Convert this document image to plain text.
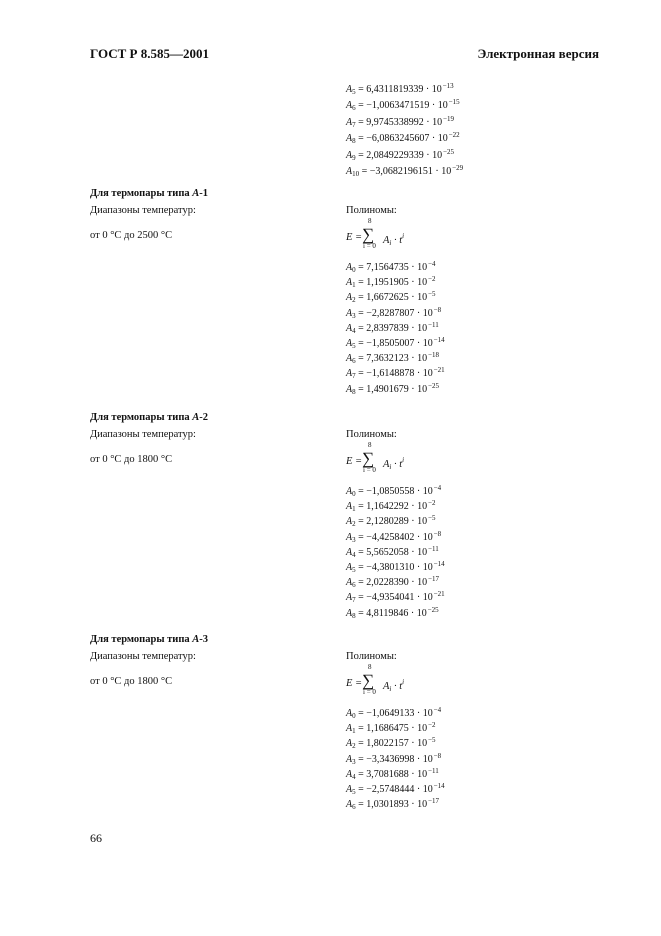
ГОСТ Р 8.585—2001	Электронная версия
$A_5 = 6,4311819339 \cdot 10^{-13}$
$A_6 = -1,0063471519 \cdot 10^{-15}$
$A_7 = 9,9745338992 \cdot 10^{-19}$
$A_8 = -6,0863245607 \cdot 10^{-22}$
$A_9 = 2,0849229339 \cdot 10^{-25}$
$A_{10} = -3,0682196151 \cdot 10^{-29}$
Для термопары типа A-1
Диапазоны температур:	Полиномы:
от 0 °С до 2500 °С	E = ∑
8
i = 0 $A_i \cdot t^i$
$A_0 = 7,1564735 \cdot 10^{-4}$
$A_1 = 1,1951905 \cdot 10^{-2}$
$A_2 = 1,6672625 \cdot 10^{-5}$
$A_3 = -2,8287807 \cdot 10^{-8}$
$A_4 = 2,8397839 \cdot 10^{-11}$
$A_5 = -1,8505007 \cdot 10^{-14}$
$A_6 = 7,3632123 \cdot 10^{-18}$
$A_7 = -1,6148878 \cdot 10^{-21}$
$A_8 = 1,4901679 \cdot 10^{-25}$
Для термопары типа А-2
Диапазоны температур:	Полиномы:
от 0 °С до 1800 °С	E = ∑
8
i = 0 $A_i \cdot t^i$
$A_0 = -1,0850558 \cdot 10^{-4}$
$A_1 = 1,1642292 \cdot 10^{-2}$
$A_2 = 2,1280289 \cdot 10^{-5}$
$A_3 = -4,4258402 \cdot 10^{-8}$
$A_4 = 5,5652058 \cdot 10^{-11}$
$A_5 = -4,3801310 \cdot 10^{-14}$
$A_6 = 2,0228390 \cdot 10^{-17}$
$A_7 = -4,9354041 \cdot 10^{-21}$
$A_8 = 4,8119846 \cdot 10^{-25}$
Для термопары типа А-3
Диапазоны температур:	Полиномы:
от 0 °С до 1800 °С	E = ∑
8
i = 0 $A_i \cdot t^i$
$A_0 = -1,0649133 \cdot 10^{-4}$
$A_1 = 1,1686475 \cdot 10^{-2}$
$A_2 = 1,8022157 \cdot 10^{-5}$
$A_3 = -3,3436998 \cdot 10^{-8}$
$A_4 = 3,7081688 \cdot 10^{-11}$
$A_5 = -2,5748444 \cdot 10^{-14}$
$A_6 = 1,0301893 \cdot 10^{-17}$
66
